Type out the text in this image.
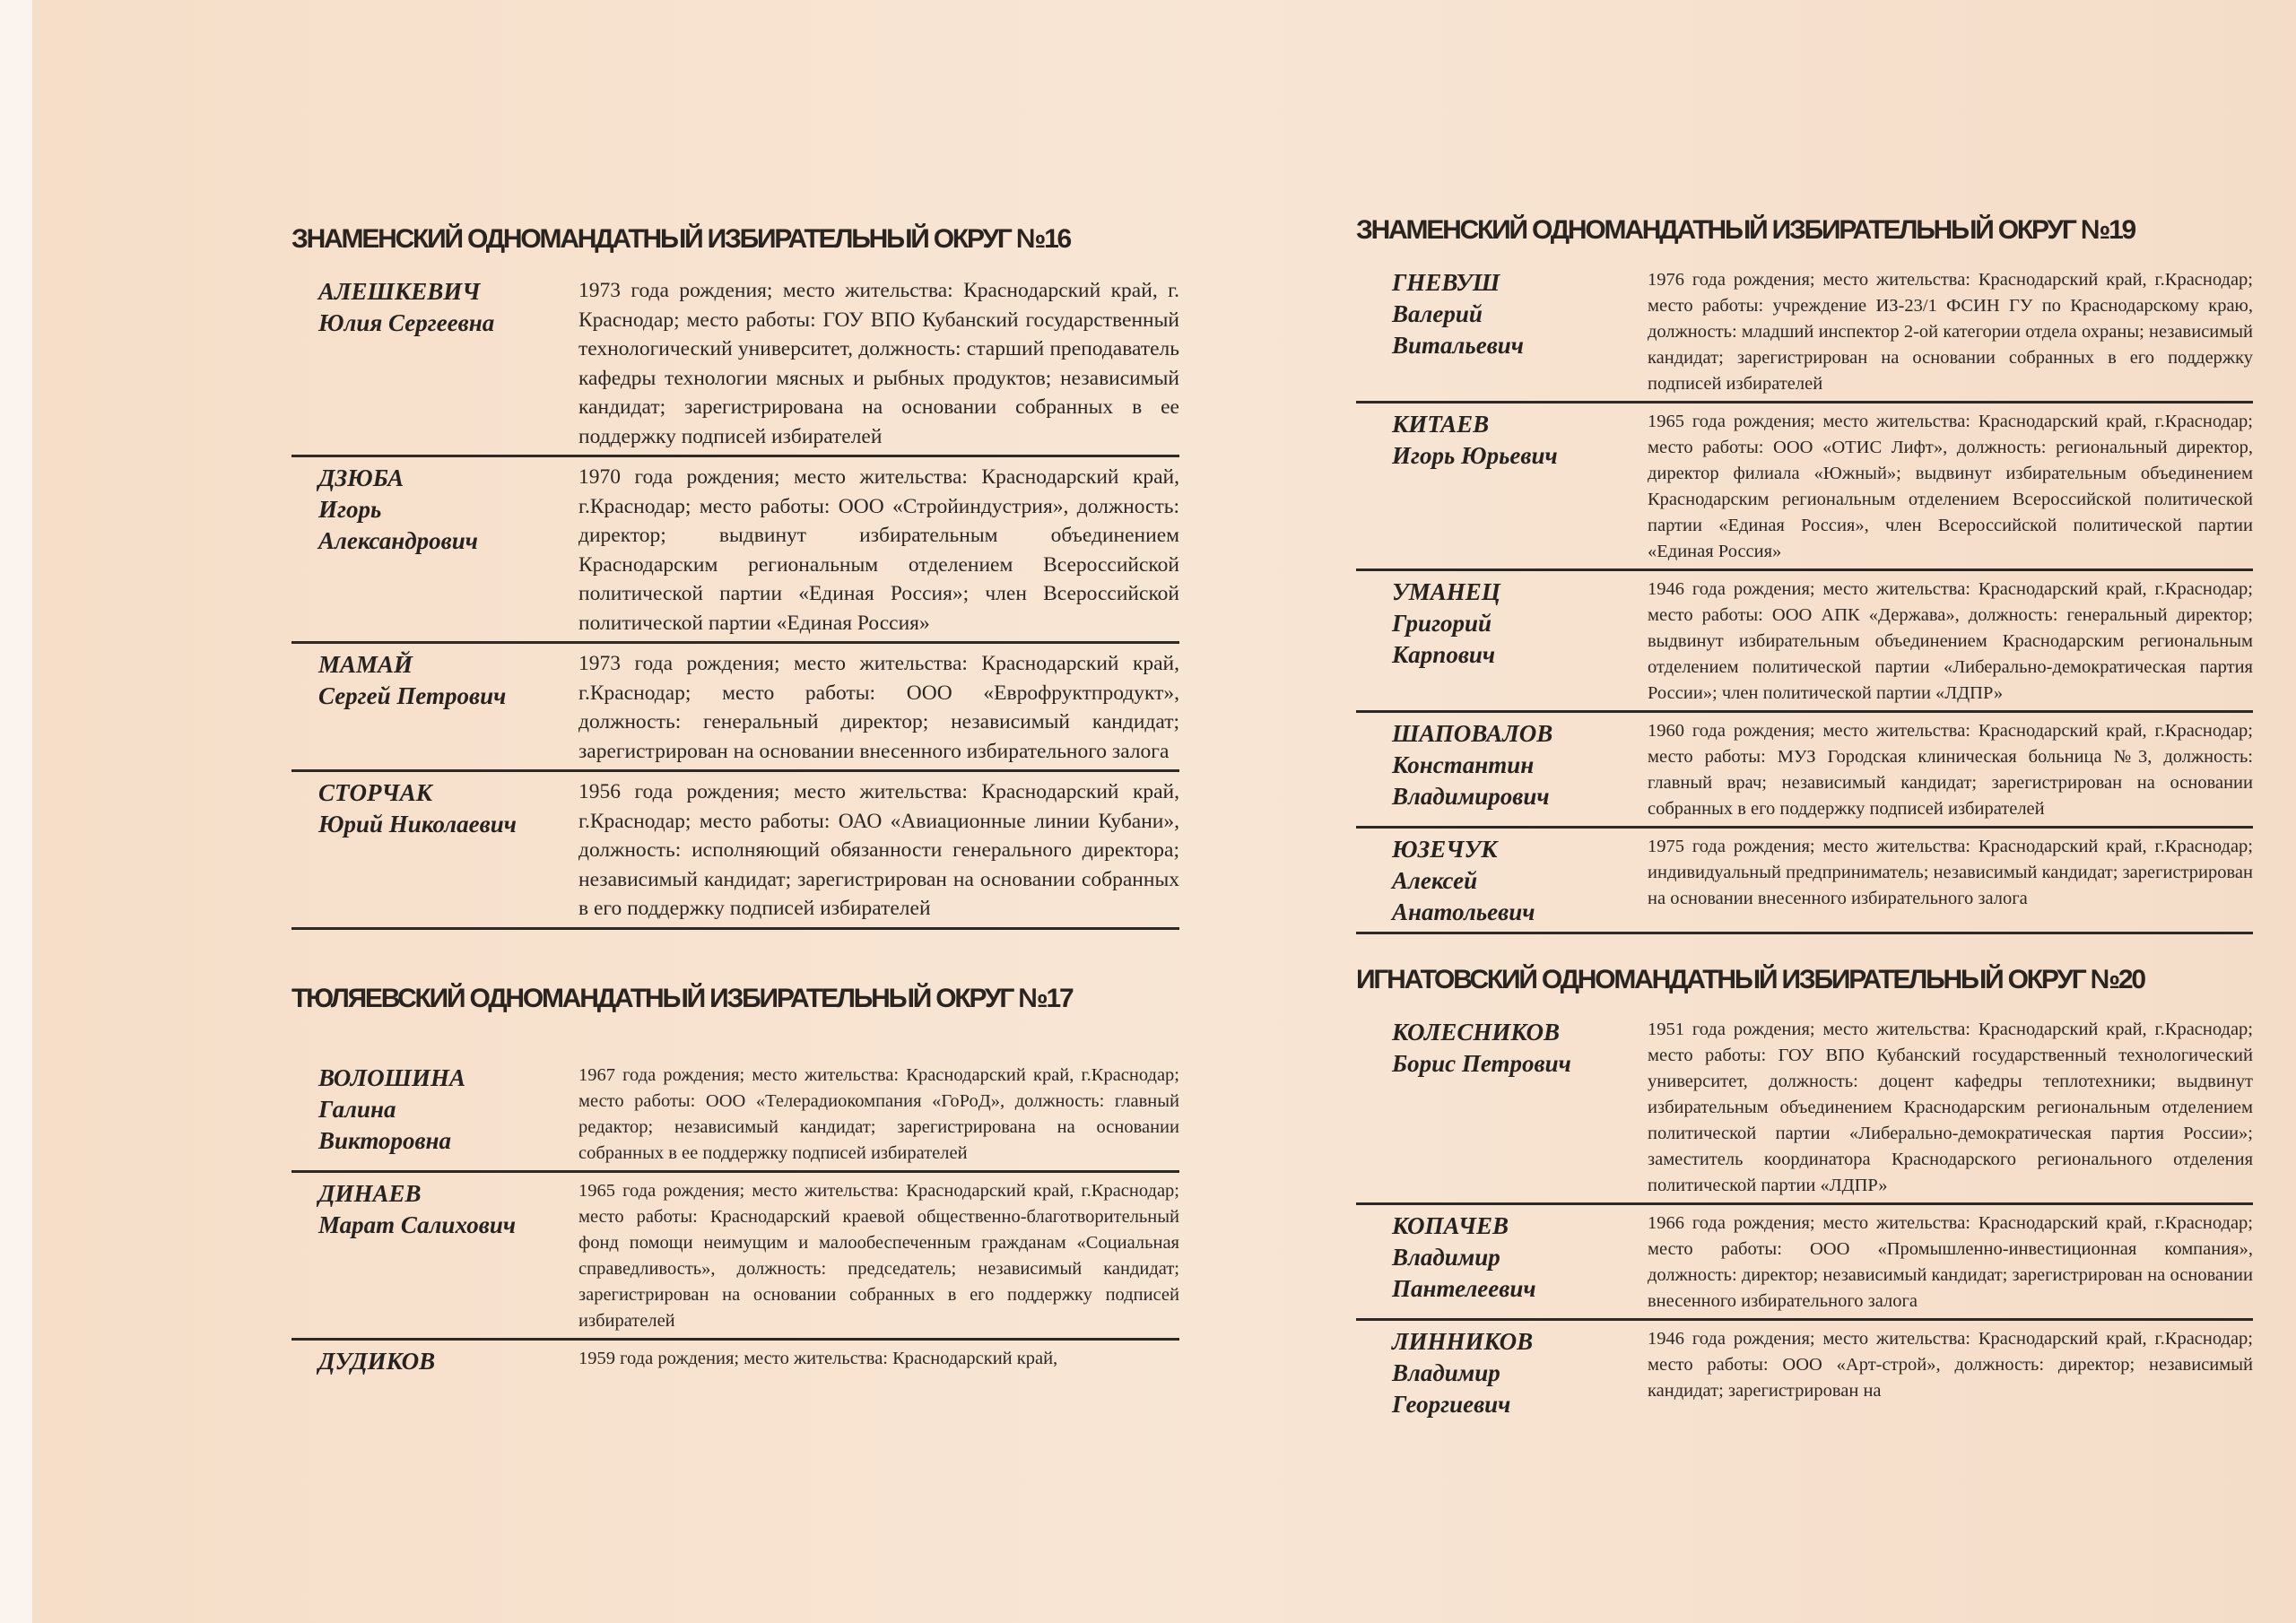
ЗНАМЕНСКИЙ ОДНОМАНДАТНЫЙ ИЗБИРАТЕЛЬНЫЙ ОКРУГ №16
АЛЕШКЕВИЧ
Юлия Сергеевна
1973 года рождения; место жительства: Краснодарский край, г. Краснодар; место работы: ГОУ ВПО Кубанский государственный технологический университет, должность: старший преподаватель кафедры технологии мясных и рыбных продуктов; независимый кандидат; зарегистрирована на основании собранных в ее поддержку подписей избирателей
ДЗЮБА
Игорь
Александрович
1970 года рождения; место жительства: Краснодарский край, г.Краснодар; место работы: ООО «Стройиндустрия», должность: директор; выдвинут избирательным объединением Краснодарским региональным отделением Всероссийской политической партии «Единая Россия»; член Всероссийской политической партии «Единая Россия»
МАМАЙ
Сергей Петрович
1973 года рождения; место жительства: Краснодарский край, г.Краснодар; место работы: ООО «Еврофруктпродукт», должность: генеральный директор; независимый кандидат; зарегистрирован на основании внесенного избирательного залога
СТОРЧАК
Юрий Николаевич
1956 года рождения; место жительства: Краснодарский край, г.Краснодар; место работы: ОАО «Авиационные линии Кубани», должность: исполняющий обязанности генерального директора; независимый кандидат; зарегистрирован на основании собранных в его поддержку подписей избирателей
ТЮЛЯЕВСКИЙ ОДНОМАНДАТНЫЙ ИЗБИРАТЕЛЬНЫЙ ОКРУГ №17
ВОЛОШИНА
Галина
Викторовна
1967 года рождения; место жительства: Краснодарский край, г.Краснодар; место работы: ООО «Телерадиокомпания «ГоРоД», должность: главный редактор; независимый кандидат; зарегистрирована на основании собранных в ее поддержку подписей избирателей
ДИНАЕВ
Марат Салихович
1965 года рождения; место жительства: Краснодарский край, г.Краснодар; место работы: Краснодарский краевой общественно-благотворительный фонд помощи неимущим и малообеспеченным гражданам «Социальная справедливость», должность: председатель; независимый кандидат; зарегистрирован на основании собранных в его поддержку подписей избирателей
ДУДИКОВ	1959 года рождения; место жительства: Краснодарский край,
ЗНАМЕНСКИЙ ОДНОМАНДАТНЫЙ ИЗБИРАТЕЛЬНЫЙ ОКРУГ №19
ГНЕВУШ
Валерий
Витальевич
1976 года рождения; место жительства: Краснодарский край, г.Краснодар; место работы: учреждение ИЗ-23/1 ФСИН ГУ по Краснодарскому краю, должность: младший инспектор 2-ой категории отдела охраны; независимый кандидат; зарегистрирован на основании собранных в его поддержку подписей избирателей
КИТАЕВ
Игорь Юрьевич
1965 года рождения; место жительства: Краснодарский край, г.Краснодар; место работы: ООО «ОТИС Лифт», должность: региональный директор, директор филиала «Южный»; выдвинут избирательным объединением Краснодарским региональным отделением Всероссийской политической партии «Единая Россия», член Всероссийской политической партии «Единая Россия»
УМАНЕЦ
Григорий
Карпович
1946 года рождения; место жительства: Краснодарский край, г.Краснодар; место работы: ООО АПК «Держава», должность: генеральный директор; выдвинут избирательным объединением Краснодарским региональным отделением политической партии «Либерально-демократическая партия России»; член политической партии «ЛДПР»
ШАПОВАЛОВ
Константин
Владимирович
1960 года рождения; место жительства: Краснодарский край, г.Краснодар; место работы: МУЗ Городская клиническая больница №3, должность: главный врач; независимый кандидат; зарегистрирован на основании собранных в его поддержку подписей избирателей
ЮЗЕЧУК
Алексей
Анатольевич
1975 года рождения; место жительства: Краснодарский край, г.Краснодар; индивидуальный предприниматель; независимый кандидат; зарегистрирован на основании внесенного избирательного залога
ИГНАТОВСКИЙ ОДНОМАНДАТНЫЙ ИЗБИРАТЕЛЬНЫЙ ОКРУГ №20
КОЛЕСНИКОВ
Борис Петрович
1951 года рождения; место жительства: Краснодарский край, г.Краснодар; место работы: ГОУ ВПО Кубанский государственный технологический университет, должность: доцент кафедры теплотехники; выдвинут избирательным объединением Краснодарским региональным отделением политической партии «Либерально-демократическая партия России»; заместитель координатора Краснодарского регионального отделения политической партии «ЛДПР»
КОПАЧЕВ
Владимир
Пантелеевич
1966 года рождения; место жительства: Краснодарский край, г.Краснодар; место работы: ООО «Промышленно-инвестиционная компания», должность: директор; независимый кандидат; зарегистрирован на основании внесенного избирательного залога
ЛИННИКОВ
Владимир
Георгиевич
1946 года рождения; место жительства: Краснодарский край, г.Краснодар; место работы: ООО «Арт-строй», должность: директор; независимый кандидат; зарегистрирован на
